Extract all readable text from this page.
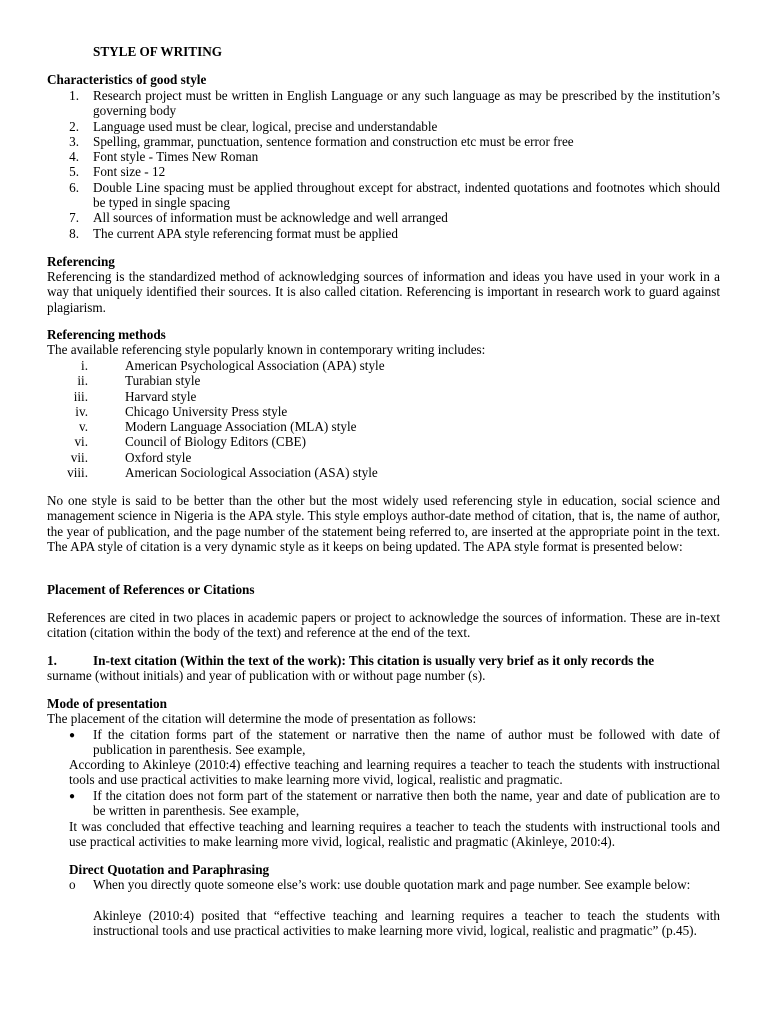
STYLE OF WRITING
Characteristics of good style
1. Research project must be written in English Language or any such language as may be prescribed by the institution’s governing body
2. Language used must be clear, logical, precise and understandable
3. Spelling, grammar, punctuation, sentence formation and construction etc must be error free
4. Font style - Times New Roman
5. Font size - 12
6. Double Line spacing must be applied throughout except for abstract, indented quotations and footnotes which should be typed in single spacing
7. All sources of information must be acknowledge and well arranged
8. The current APA style referencing format must be applied
Referencing
Referencing is the standardized method of acknowledging sources of information and ideas you have used in your work in a way that uniquely identified their sources. It is also called citation. Referencing is important in research work to guard against plagiarism.
Referencing methods
The available referencing style popularly known in contemporary writing includes:
i.	American Psychological Association (APA) style
ii.	Turabian style
iii.	Harvard style
iv.	Chicago University Press style
v.	Modern Language Association (MLA) style
vi.	Council of Biology Editors (CBE)
vii.	Oxford style
viii.	American Sociological Association (ASA) style
No one style is said to be better than the other but the most widely used referencing style in education, social science and management science in Nigeria is the APA style. This style employs author-date method of citation, that is, the name of author, the year of publication, and the page number of the statement being referred to, are inserted at the appropriate point in the text. The APA style of citation is a very dynamic style as it keeps on being updated. The APA style format is presented below:
Placement of References or Citations
References are cited in two places in academic papers or project to acknowledge the sources of information. These are in-text citation (citation within the body of the text) and reference at the end of the text.
1.	In-text citation (Within the text of the work): This citation is usually very brief as it only records the
surname (without initials) and year of publication with or without page number (s).
Mode of presentation
The placement of the citation will determine the mode of presentation as follows:
● If the citation forms part of the statement or narrative then the name of author must be followed with date of publication in parenthesis. See example,
According to Akinleye (2010:4) effective teaching and learning requires a teacher to teach the students with instructional tools and use practical activities to make learning more vivid, logical, realistic and pragmatic.
● If the citation does not form part of the statement or narrative then both the name, year and date of publication are to be written in parenthesis. See example,
It was concluded that effective teaching and learning requires a teacher to teach the students with instructional tools and use practical activities to make learning more vivid, logical, realistic and pragmatic (Akinleye, 2010:4).
Direct Quotation and Paraphrasing
o When you directly quote someone else’s work: use double quotation mark and page number. See example below:
Akinleye (2010:4) posited that “effective teaching and learning requires a teacher to teach the students with instructional tools and use practical activities to make learning more vivid, logical, realistic and pragmatic” (p.45).
